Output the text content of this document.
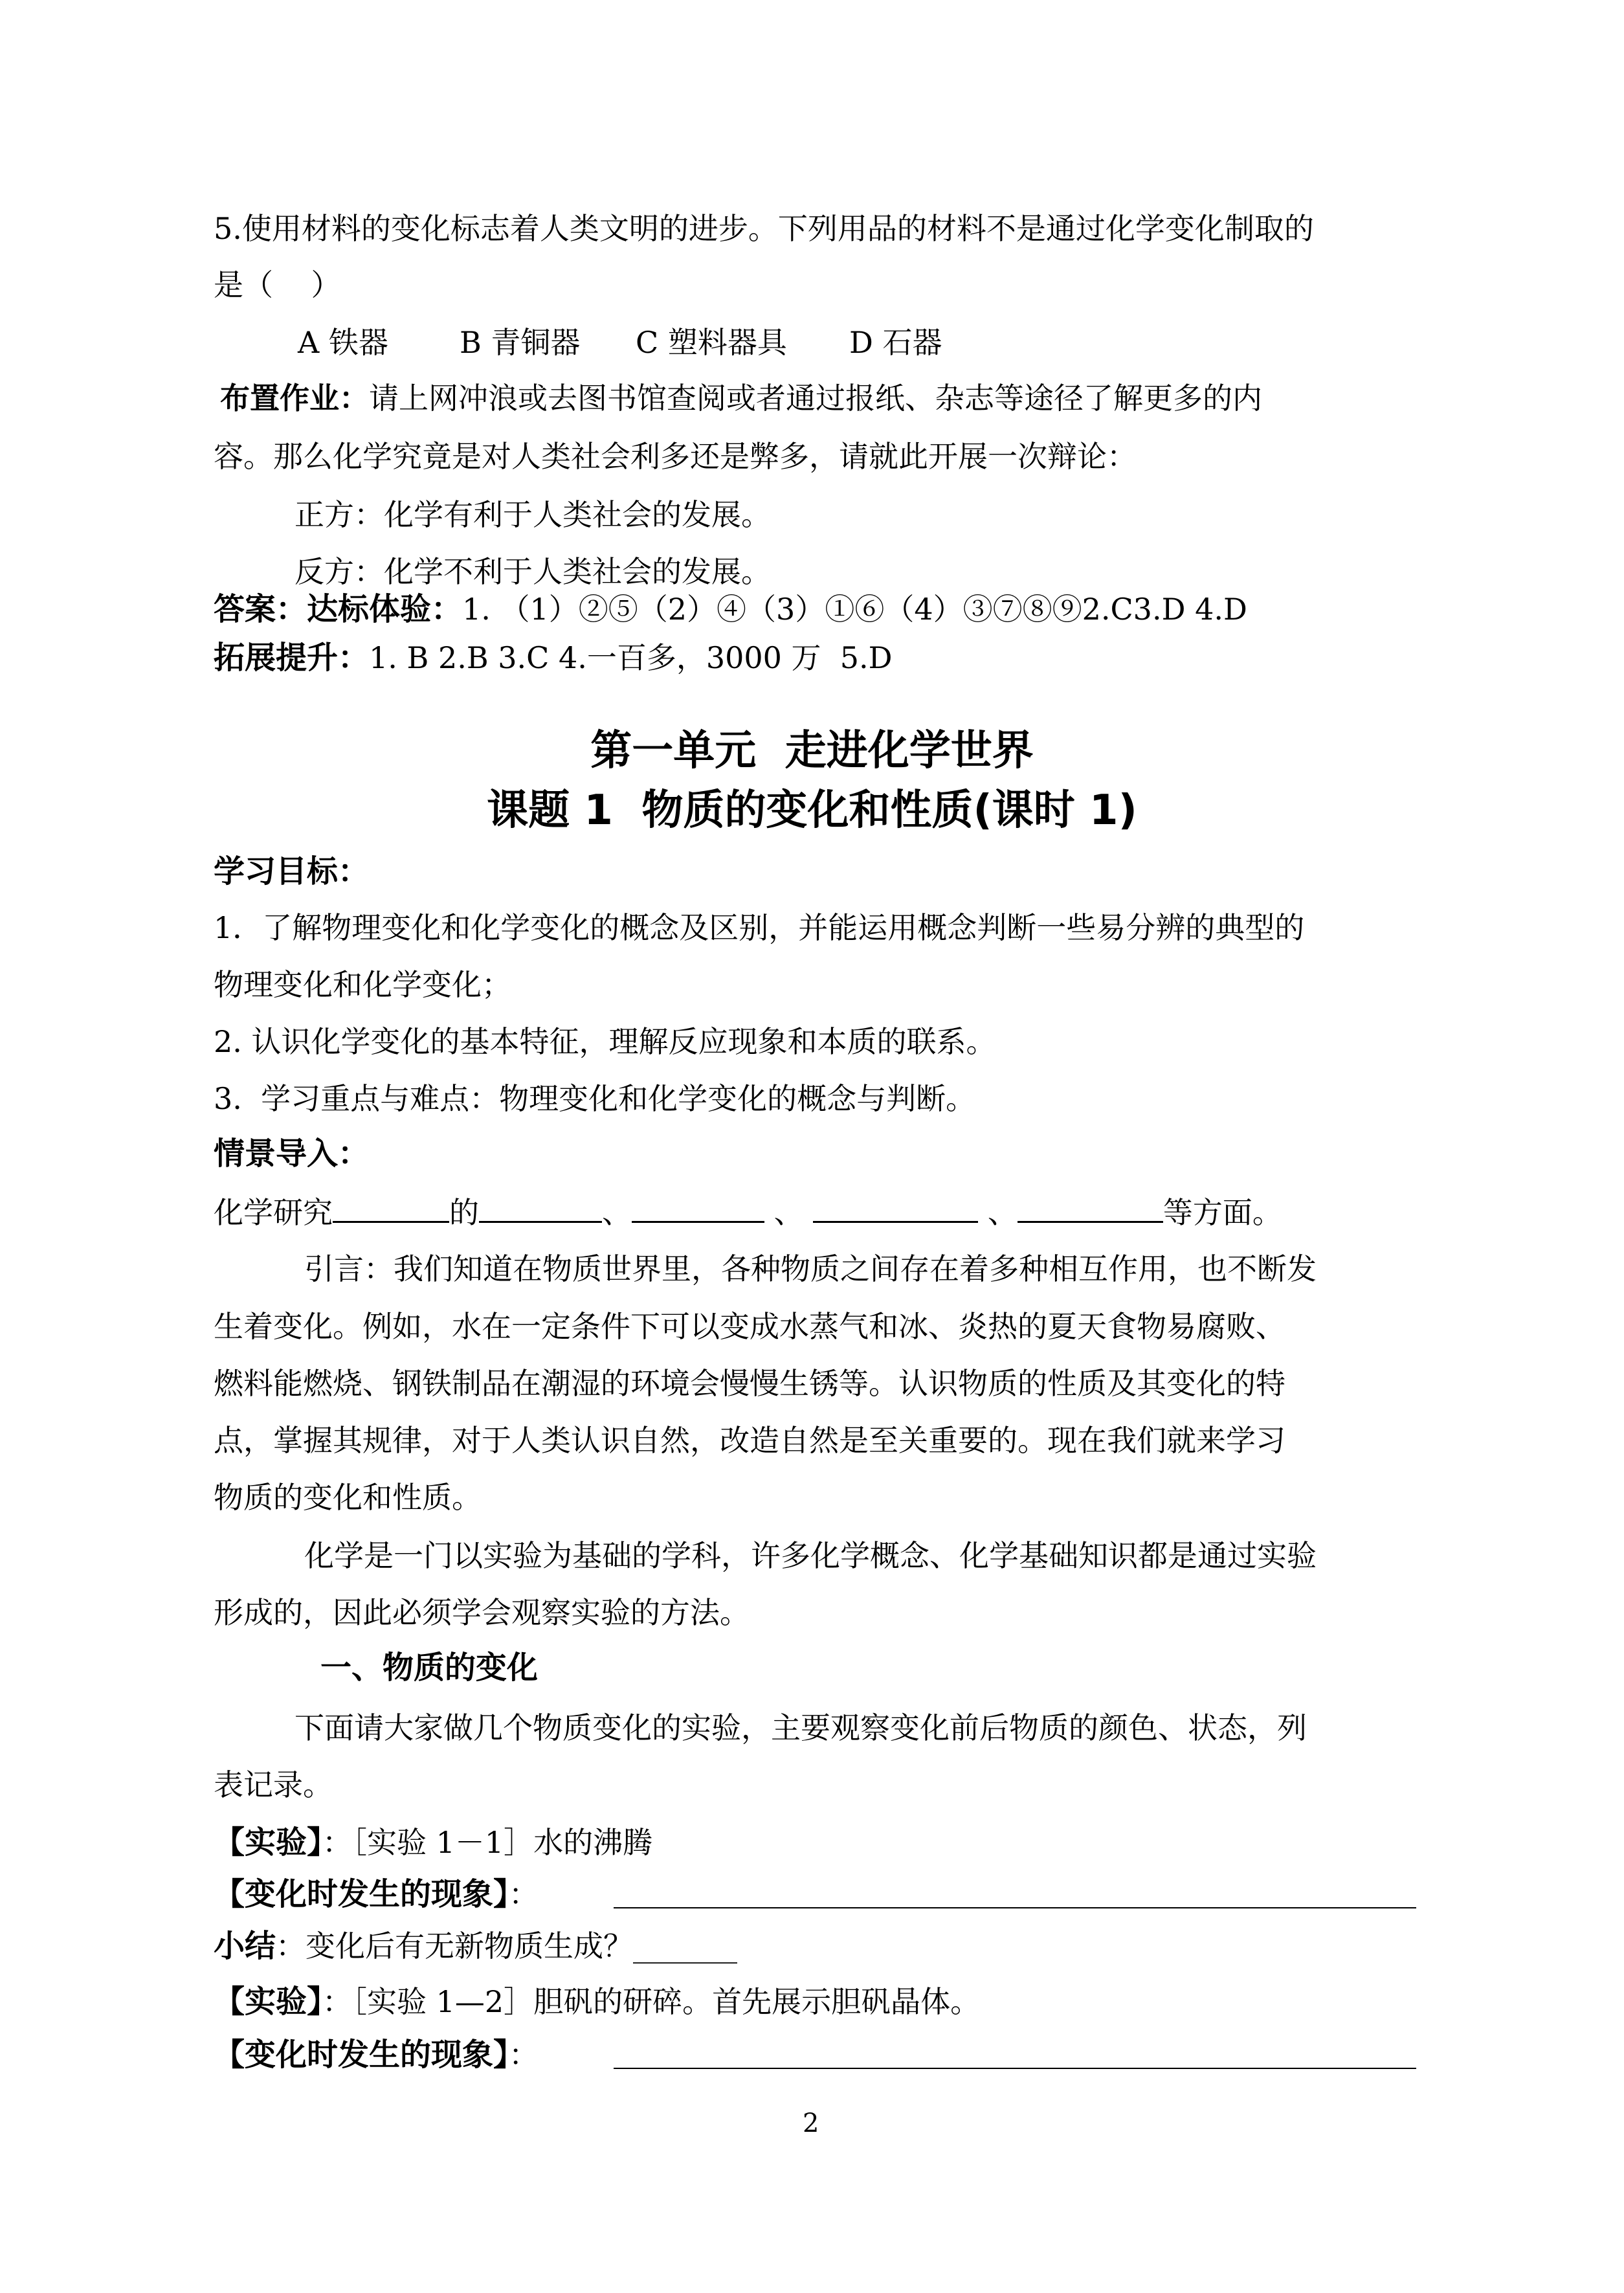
5.使用材料的变化标志着人类文明的进步。下列用品的材料不是通过化学变化制取的
是（    ）
A 铁器 B 青铜器 C 塑料器具 D 石器
布置作业：请上网冲浪或去图书馆查阅或者通过报纸、杂志等途径了解更多的内
容。那么化学究竟是对人类社会利多还是弊多，请就此开展一次辩论：
正方：化学有利于人类社会的发展。
反方：化学不利于人类社会的发展。
答案：达标体验：1. （1）②⑤（2）④（3）①⑥（4）③⑦⑧⑨2.C3.D 4.D
拓展提升：1. B 2.B 3.C 4.一百多，3000 万  5.D
第一单元  走进化学世界
课题 1  物质的变化和性质(课时 1)
学习目标：
1．了解物理变化和化学变化的概念及区别，并能运用概念判断一些易分辨的典型的
物理变化和化学变化；
2. 认识化学变化的基本特征，理解反应现象和本质的联系。
3.  学习重点与难点：物理变化和化学变化的概念与判断。
情景导入：
化学研究	的	、	、	、	等方面。
引言：我们知道在物质世界里，各种物质之间存在着多种相互作用，也不断发
生着变化。例如，水在一定条件下可以变成水蒸气和冰、炎热的夏天食物易腐败、
燃料能燃烧、钢铁制品在潮湿的环境会慢慢生锈等。认识物质的性质及其变化的特
点，掌握其规律，对于人类认识自然，改造自然是至关重要的。现在我们就来学习
物质的变化和性质。
化学是一门以实验为基础的学科，许多化学概念、化学基础知识都是通过实验
形成的，因此必须学会观察实验的方法。
一、物质的变化
下面请大家做几个物质变化的实验，主要观察变化前后物质的颜色、状态，列
表记录。
【实验】：［实验 1－1］水的沸腾
【变化时发生的现象】：
小结：变化后有无新物质生成？_______
【实验】：［实验 1—2］胆矾的研碎。首先展示胆矾晶体。
【变化时发生的现象】：
2
